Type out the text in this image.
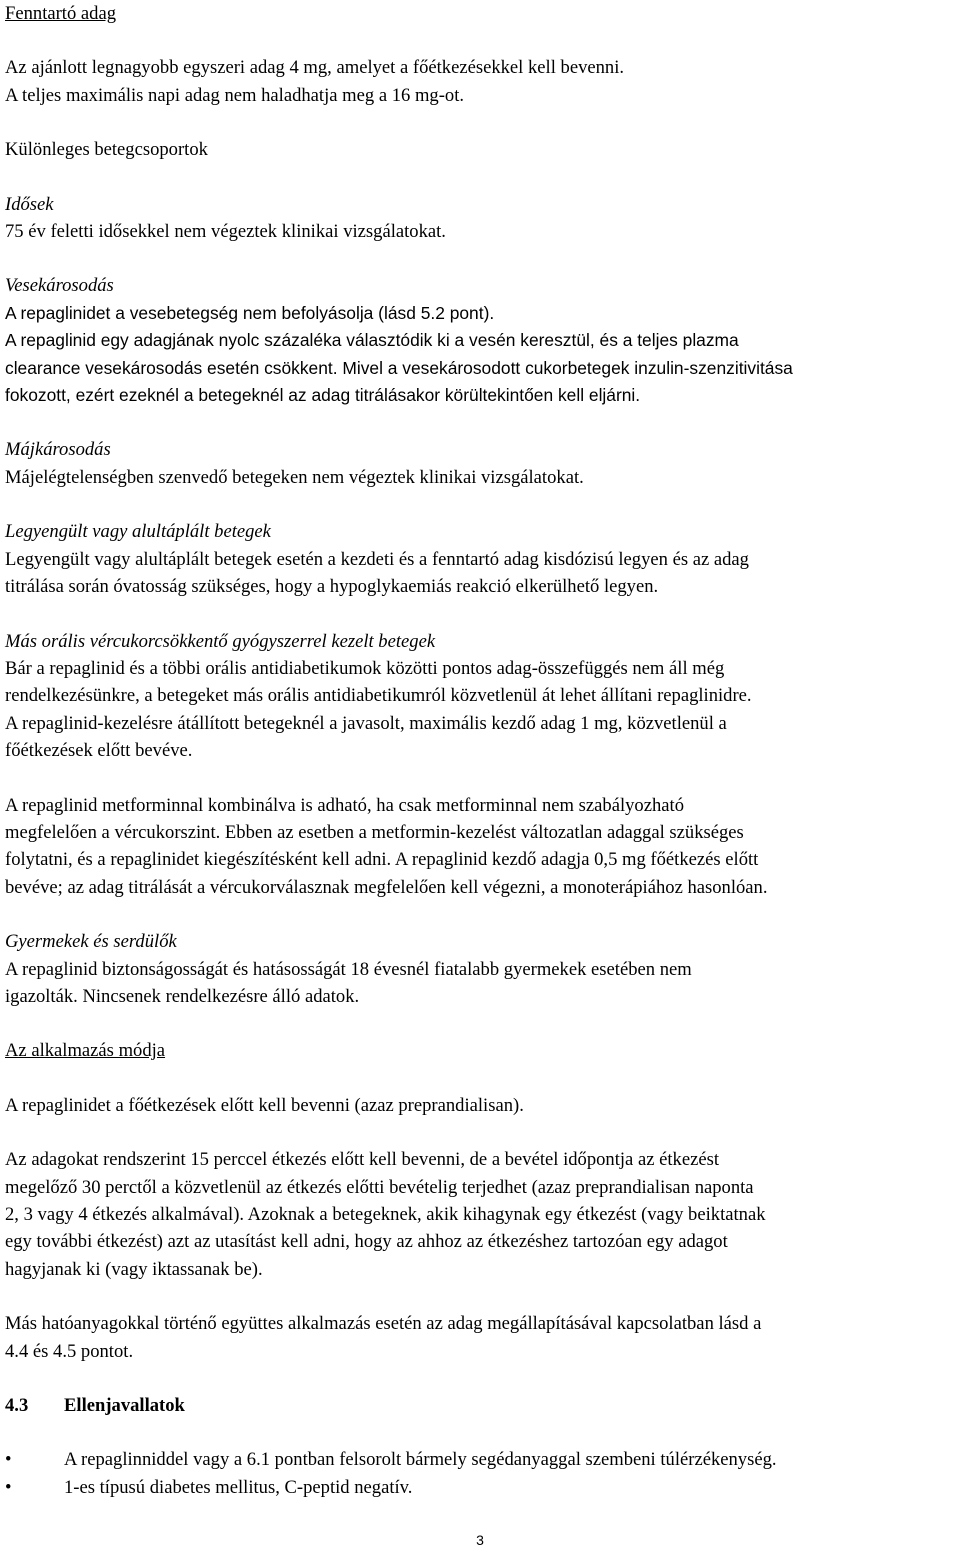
Fenntartó adag

Az ajánlott legnagyobb egyszeri adag 4 mg, amelyet a főétkezésekkel kell bevenni.
A teljes maximális napi adag nem haladhatja meg a 16 mg-ot.

Különleges betegcsoportok

Idősek
75 év feletti idősekkel nem végeztek klinikai vizsgálatokat.

Vesekárosodás
A repaglinidet a vesebetegség nem befolyásolja (lásd 5.2 pont).
A repaglinid egy adagjának nyolc százaléka választódik ki a vesén keresztül, és a teljes plazma
clearance vesekárosodás esetén csökkent. Mivel a vesekárosodott cukorbetegek inzulin-szenzitivitása
fokozott, ezért ezeknél a betegeknél az adag titrálásakor körültekintően kell eljárni.

Májkárosodás
Májelégtelenségben szenvedő betegeken nem végeztek klinikai vizsgálatokat.

Legyengült vagy alultáplált betegek
Legyengült vagy alultáplált betegek esetén a kezdeti és a fenntartó adag kisdózisú legyen és az adag
titrálása során óvatosság szükséges, hogy a hypoglykaemiás reakció elkerülhető legyen.

Más orális vércukorcsökkentő gyógyszerrel kezelt betegek
Bár a repaglinid és a többi orális antidiabetikumok közötti pontos adag-összefüggés nem áll még
rendelkezésünkre, a betegeket más orális antidiabetikumról közvetlenül át lehet állítani repaglinidre.
A repaglinid-kezelésre átállított betegeknél a javasolt, maximális kezdő adag 1 mg, közvetlenül a
főétkezések előtt bevéve.

A repaglinid metforminnal kombinálva is adható, ha csak metforminnal nem szabályozható
megfelelően a vércukorszint. Ebben az esetben a metformin-kezelést változatlan adaggal szükséges
folytatni, és a repaglinidet kiegészítésként kell adni. A repaglinid kezdő adagja 0,5 mg főétkezés előtt
bevéve; az adag titrálását a vércukorválasznak megfelelően kell végezni, a monoterápiához hasonlóan.

Gyermekek és serdülők
A repaglinid biztonságosságát és hatásosságát 18 évesnél fiatalabb gyermekek esetében nem
igazolták. Nincsenek rendelkezésre álló adatok.

Az alkalmazás módja

A repaglinidet a főétkezések előtt kell bevenni (azaz preprandialisan).

Az adagokat rendszerint 15 perccel étkezés előtt kell bevenni, de a bevétel időpontja az étkezést
megelőző 30 perctől a közvetlenül az étkezés előtti bevételig terjedhet (azaz preprandialisan naponta
2, 3 vagy 4 étkezés alkalmával). Azoknak a betegeknek, akik kihagynak egy étkezést (vagy beiktatnak
egy további étkezést) azt az utasítást kell adni, hogy az ahhoz az étkezéshez tartozóan egy adagot
hagyjanak ki (vagy iktassanak be).

Más hatóanyagokkal történő együttes alkalmazás esetén az adag megállapításával kapcsolatban lásd a
4.4 és 4.5 pontot.

4.3	Ellenjavallatok

•	A repaglinniddel vagy a 6.1 pontban felsorolt bármely segédanyaggal szembeni túlérzékenység.
•	1-es típusú diabetes mellitus, C-peptid negatív.
3
